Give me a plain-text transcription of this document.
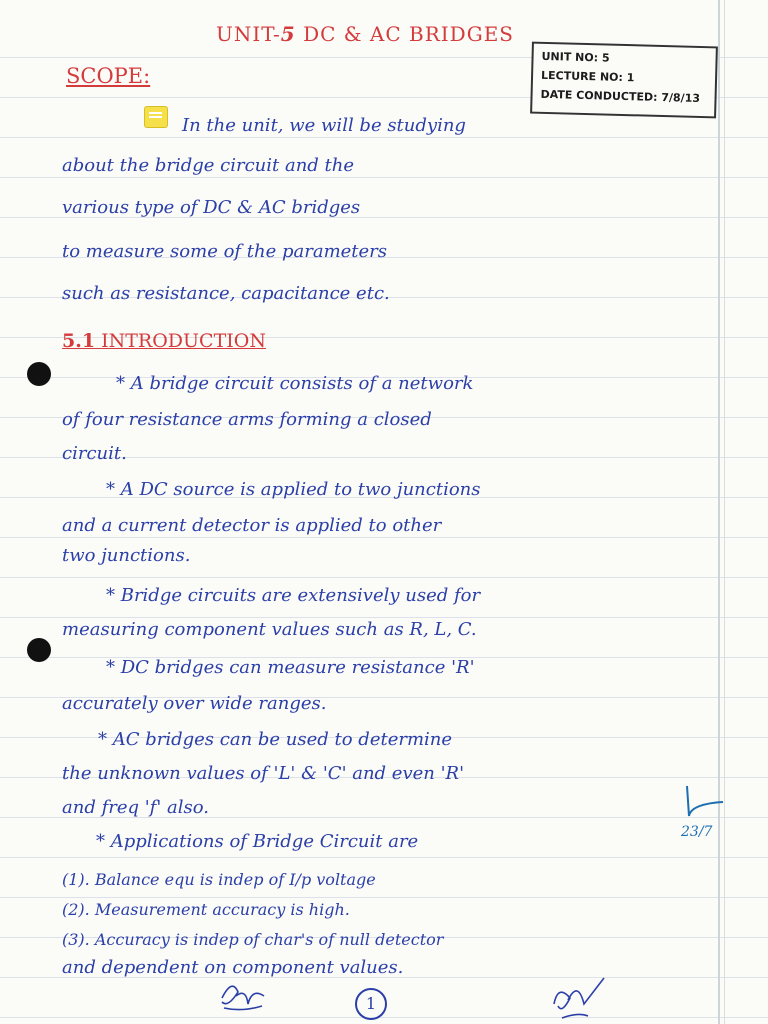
UNIT-5 DC & AC BRIDGES
UNIT NO: 5
LECTURE NO: 1
DATE CONDUCTED: 7/8/13
SCOPE:
In the unit, we will be studying
about the bridge circuit and the
various type of DC & AC bridges
to measure some of the parameters
such as resistance, capacitance etc.
5.1 INTRODUCTION
* A bridge circuit consists of a network
of four resistance arms forming a closed
circuit.
* A DC source is applied to two junctions
and a current detector is applied to other
two junctions.
* Bridge circuits are extensively used for
measuring component values such as R, L, C.
* DC bridges can measure resistance 'R'
accurately over wide ranges.
* AC bridges can be used to determine
the unknown values of 'L' & 'C' and even 'R'
and freq 'f' also.
* Applications of Bridge Circuit are
(1). Balance equ is indep of I/p voltage
(2). Measurement accuracy is high.
(3). Accuracy is indep of char's of null detector
and dependent on component values.
23/7
1
